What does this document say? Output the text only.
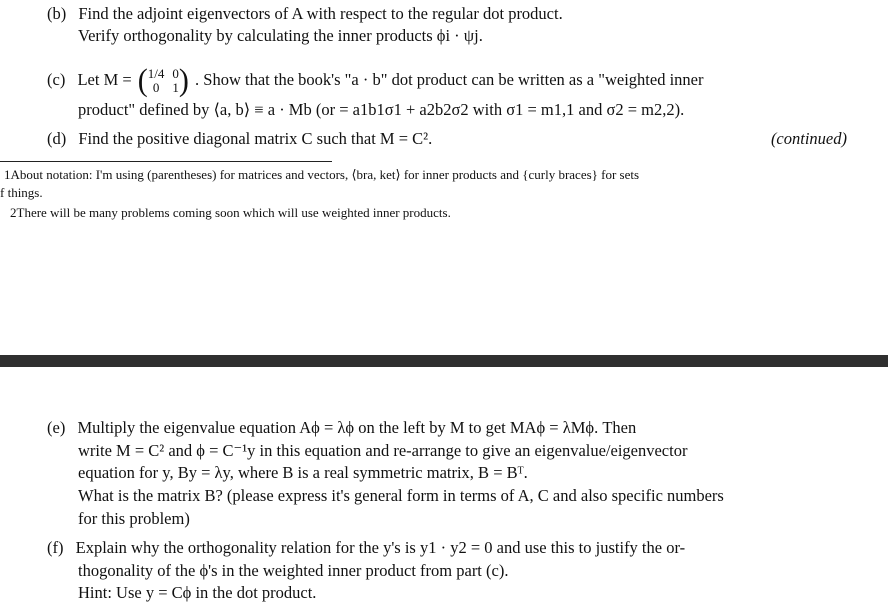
(b) Find the adjoint eigenvectors of A with respect to the regular dot product.
Verify orthogonality by calculating the inner products ϕi · ψj.
(c) Let M = ( 1/4 0
0	1 ) . Show that the book's "a · b" dot product can be written as a "weighted inner
product" defined by ⟨a, b⟩ ≡ a · Mb (or = a1b1σ1 + a2b2σ2 with σ1 = m1,1 and σ2 = m2,2).
(d) Find the positive diagonal matrix C such that M = C².	(continued)
1About notation: I'm using (parentheses) for matrices and vectors, ⟨bra, ket⟩ for inner products and {curly braces} for sets
f things.
2There will be many problems coming soon which will use weighted inner products.
(e) Multiply the eigenvalue equation Aϕ = λϕ on the left by M to get MAϕ = λMϕ. Then
write M = C² and ϕ = C⁻¹y in this equation and re-arrange to give an eigenvalue/eigenvector
equation for y, By = λy, where B is a real symmetric matrix, B = Bᵀ.
What is the matrix B? (please express it's general form in terms of A, C and also specific numbers
for this problem)
(f) Explain why the orthogonality relation for the y's is y1 · y2 = 0 and use this to justify the or-
thogonality of the ϕ's in the weighted inner product from part (c).
Hint: Use y = Cϕ in the dot product.
